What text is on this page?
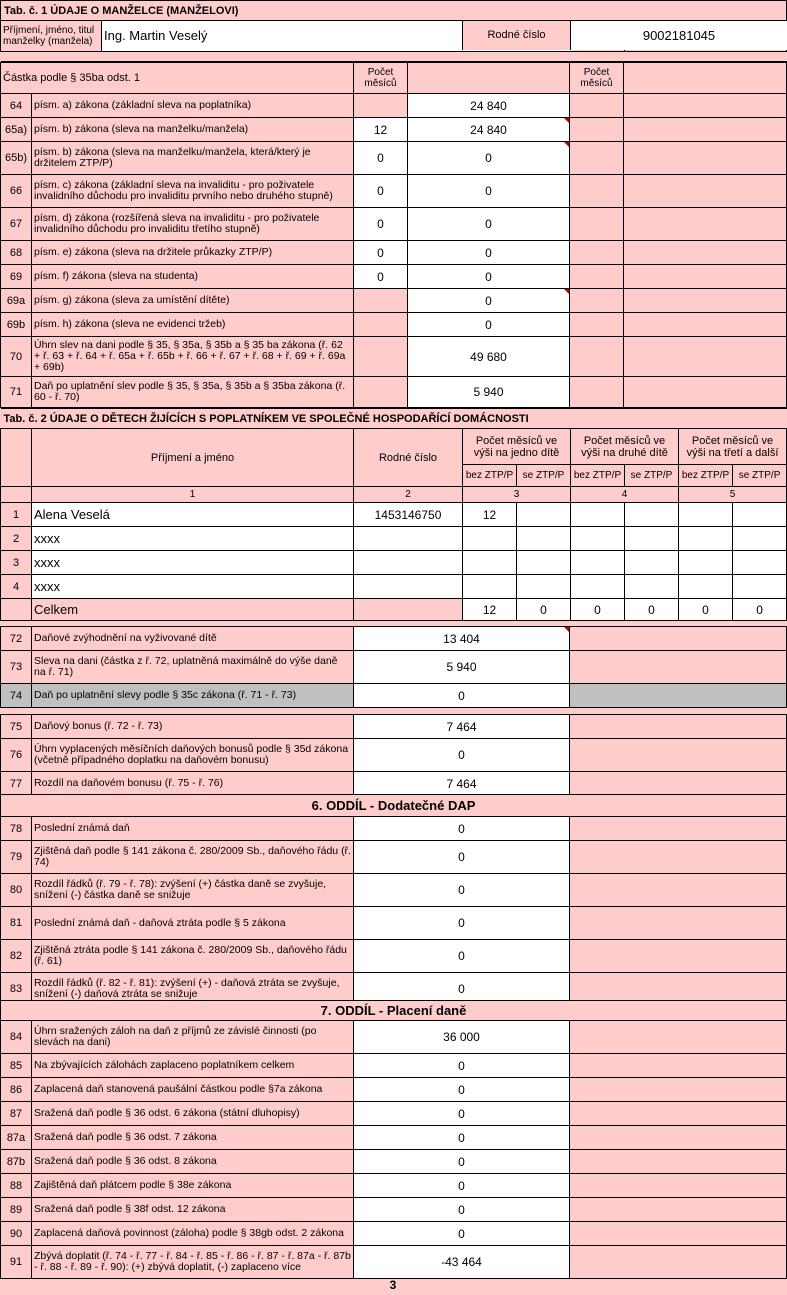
Tab. č. 1 ÚDAJE O MANŽELCE (MANŽELOVI)
Příjmení, jméno, titul manželky (manžela)	Ing. Martin Veselý			Rodné číslo	9002181045
Částka podle § 35ba odst. 1		Počet měsíců		Počet měsíců	
64	písm. a) zákona (základní sleva na poplatníka)		24 840		
65a)	písm. b) zákona (sleva na manželku/manžela)	12	24 840		
65b)	písm. b) zákona (sleva na manželku/manžela, která/který je držitelem ZTP/P)	0	0		
66	písm. c) zákona (základní sleva na invaliditu - pro poživatele invalidního důchodu pro invaliditu prvního nebo druhého stupně)	0	0		
67	písm. d) zákona (rozšířená sleva na invaliditu - pro poživatele invalidního důchodu pro invaliditu třetího stupně)	0	0		
68	písm. e) zákona (sleva na držitele průkazky ZTP/P)	0	0		
69	písm. f) zákona (sleva na studenta)	0	0		
69a	písm. g) zákona (sleva za umístění dítěte)		0		
69b	písm. h) zákona (sleva ne evidenci tržeb)		0		
70	Úhrn slev na dani podle § 35, § 35a, § 35b a § 35 ba zákona (ř. 62 + ř. 63 + ř. 64 + ř. 65a + ř. 65b + ř. 66 + ř. 67 + ř. 68 + ř. 69 + ř. 69a + 69b)		49 680		
71	Daň po uplatnění slev podle § 35, § 35a, § 35b a § 35ba zákona (ř. 60 - ř. 70)		5 940		
Tab. č. 2 ÚDAJE O DĚTECH ŽIJÍCÍCH S POPLATNÍKEM VE SPOLEČNÉ HOSPODAŘÍCÍ DOMÁCNOSTI								
	Příjmení a jméno	Rodné číslo	Počet měsíců ve výši na jedno dítě		Počet měsíců ve výši na druhé dítě		Počet měsíců ve výši na třetí a další	
			bez ZTP/P	se ZTP/P	bez ZTP/P	se ZTP/P	bez ZTP/P	se ZTP/P
	1	2	3		4		5	
1	Alena Veselá	1453146750	12					
2	xxxx							
3	xxxx							
4	xxxx							
	Celkem		12	0	0	0	0	0
72	Daňové zvýhodnění na vyživované dítě	13 404	
73	Sleva na dani (částka z ř. 72, uplatněná maximálně do výše daně na ř. 71)	5 940	
74	Daň po uplatnění slevy podle § 35c zákona (ř. 71 - ř. 73)	0	
75	Daňový bonus (ř. 72 - ř. 73)	7 464	
76	Úhrn vyplacených měsíčních daňových bonusů podle § 35d zákona (včetně případného doplatku na daňovém bonusu)	0	
77	Rozdíl na daňovém bonusu (ř. 75 - ř. 76)	7 464	
6. ODDÍL - Dodatečné DAP			
78	Poslední známá daň	0	
79	Zjištěná daň podle § 141 zákona č. 280/2009 Sb., daňového řádu (ř. 74)	0	
80	Rozdíl řádků (ř. 79 - ř. 78): zvýšení (+) částka daně se zvyšuje, snížení (-) částka daně se snižuje	0	
81	Poslední známá daň - daňová ztráta podle § 5 zákona	0	
82	Zjištěná ztráta podle § 141 zákona č. 280/2009 Sb., daňového řádu (ř. 61)	0	
83	Rozdíl řádků (ř. 82 - ř. 81): zvýšení (+) - daňová ztráta se zvyšuje, snížení (-) daňová ztráta se snižuje	0	
7. ODDÍL - Placení daně			
84	Úhrn sražených záloh na daň z příjmů ze závislé činnosti (po slevách na dani)	36 000	
85	Na zbývajících zálohách zaplaceno poplatníkem celkem	0	
86	Zaplacená daň stanovená paušální částkou podle §7a zákona	0	
87	Sražená daň podle § 36 odst. 6 zákona (státní dluhopisy)	0	
87a	Sražená daň podle § 36 odst. 7 zákona	0	
87b	Sražená daň podle § 36 odst. 8 zákona	0	
88	Zajištěná daň plátcem podle § 38e zákona	0	
89	Sražená daň podle § 38f odst. 12 zákona	0	
90	Zaplacená daňová povinnost (záloha) podle § 38gb odst. 2 zákona	0	
91	Zbývá doplatit (ř. 74 - ř. 77 - ř. 84 - ř. 85 - ř. 86 - ř. 87 - ř. 87a - ř. 87b - ř. 88 - ř. 89 - ř. 90): (+) zbývá doplatit, (-) zaplaceno více	-43 464	
3
